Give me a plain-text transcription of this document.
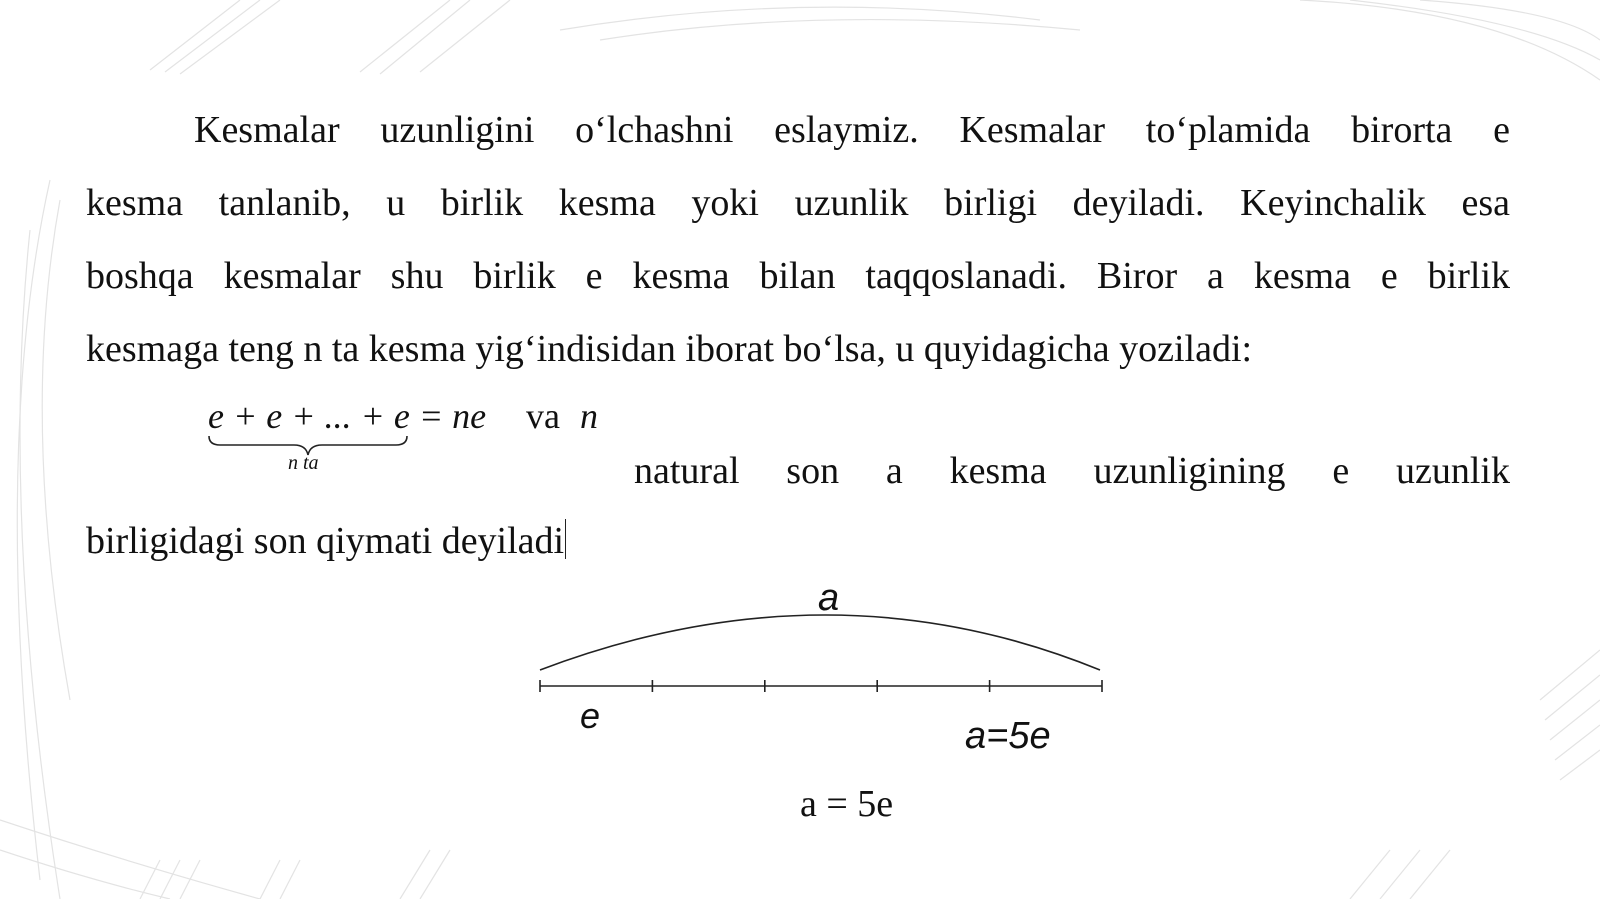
Kesmalar uzunligini o‘lchashni eslaymiz. Kesmalar to‘plamida birorta e
kesma tanlanib, u birlik kesma yoki uzunlik birligi deyiladi. Keyinchalik esa
boshqa kesmalar shu birlik e kesma bilan taqqoslanadi. Biror a kesma e birlik
kesmaga teng n ta kesma yig‘indisidan iborat bo‘lsa, u quyidagicha yoziladi:
e + e + ... + e = ne va n
n ta	natural son a kesma uzunligining e uzunlik
birligidagi son qiymati deyiladi
a
e	a=5e
a = 5e
